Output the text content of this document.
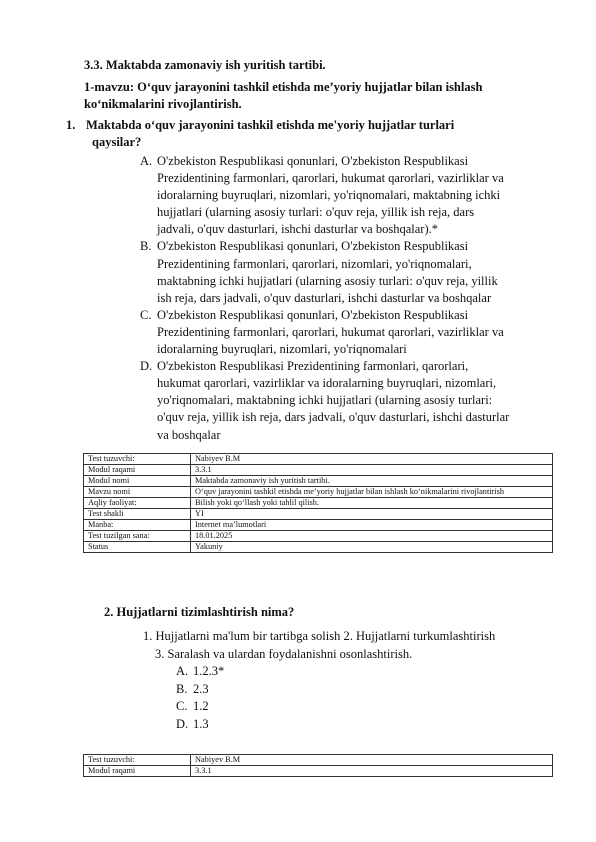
3.3. Maktabda zamonaviy ish yuritish tartibi.
1-mavzu: O‘quv jarayonini tashkil etishda me’yoriy hujjatlar bilan ishlash
ko‘nikmalarini rivojlantirish.
1. Maktabda o‘quv jarayonini tashkil etishda me'yoriy hujjatlar turlari
qaysilar?
A. O'zbekiston Respublikasi qonunlari, O'zbekiston Respublikasi
Prezidentining farmonlari, qarorlari, hukumat qarorlari, vazirliklar va
idoralarning buyruqlari, nizomlari, yo'riqnomalari, maktabning ichki
hujjatlari (ularning asosiy turlari: o'quv reja, yillik ish reja, dars
jadvali, o'quv dasturlari, ishchi dasturlar va boshqalar).*
B. O'zbekiston Respublikasi qonunlari, O'zbekiston Respublikasi
Prezidentining farmonlari, qarorlari, nizomlari, yo'riqnomalari,
maktabning ichki hujjatlari (ularning asosiy turlari: o'quv reja, yillik
ish reja, dars jadvali, o'quv dasturlari, ishchi dasturlar va boshqalar
C. O'zbekiston Respublikasi qonunlari, O'zbekiston Respublikasi
Prezidentining farmonlari, qarorlari, hukumat qarorlari, vazirliklar va
idoralarning buyruqlari, nizomlari, yo'riqnomalari
D. O'zbekiston Respublikasi Prezidentining farmonlari, qarorlari,
hukumat qarorlari, vazirliklar va idoralarning buyruqlari, nizomlari,
yo'riqnomalari, maktabning ichki hujjatlari (ularning asosiy turlari:
o'quv reja, yillik ish reja, dars jadvali, o'quv dasturlari, ishchi dasturlar
va boshqalar
Test tuzuvchi:	Nabiyev B.M
Modul raqami	3.3.1
Modul nomi	Maktabda zamonaviy ish yuritish tartibi.
Mavzu nomi	O‘quv jarayonini tashkil etishda me’yoriy hujjatlar bilan ishlash ko‘nikmalarini rivojlantirish
Aqliy faoliyat:	Bilish yoki qo‘llash yoki tahlil qilish.
Test shakli	YI
Manba:	Internet ma’lumotlari
Test tuzilgan sana:	18.01.2025
Status	Yakuniy
2. Hujjatlarni tizimlashtirish nima?
1. Hujjatlarni ma'lum bir tartibga solish 2. Hujjatlarni turkumlashtirish
3. Saralash va ulardan foydalanishni osonlashtirish.
A. 1.2.3*
B. 2.3
C. 1.2
D. 1.3
Test tuzuvchi:	Nabiyev B.M
Modul raqami	3.3.1
